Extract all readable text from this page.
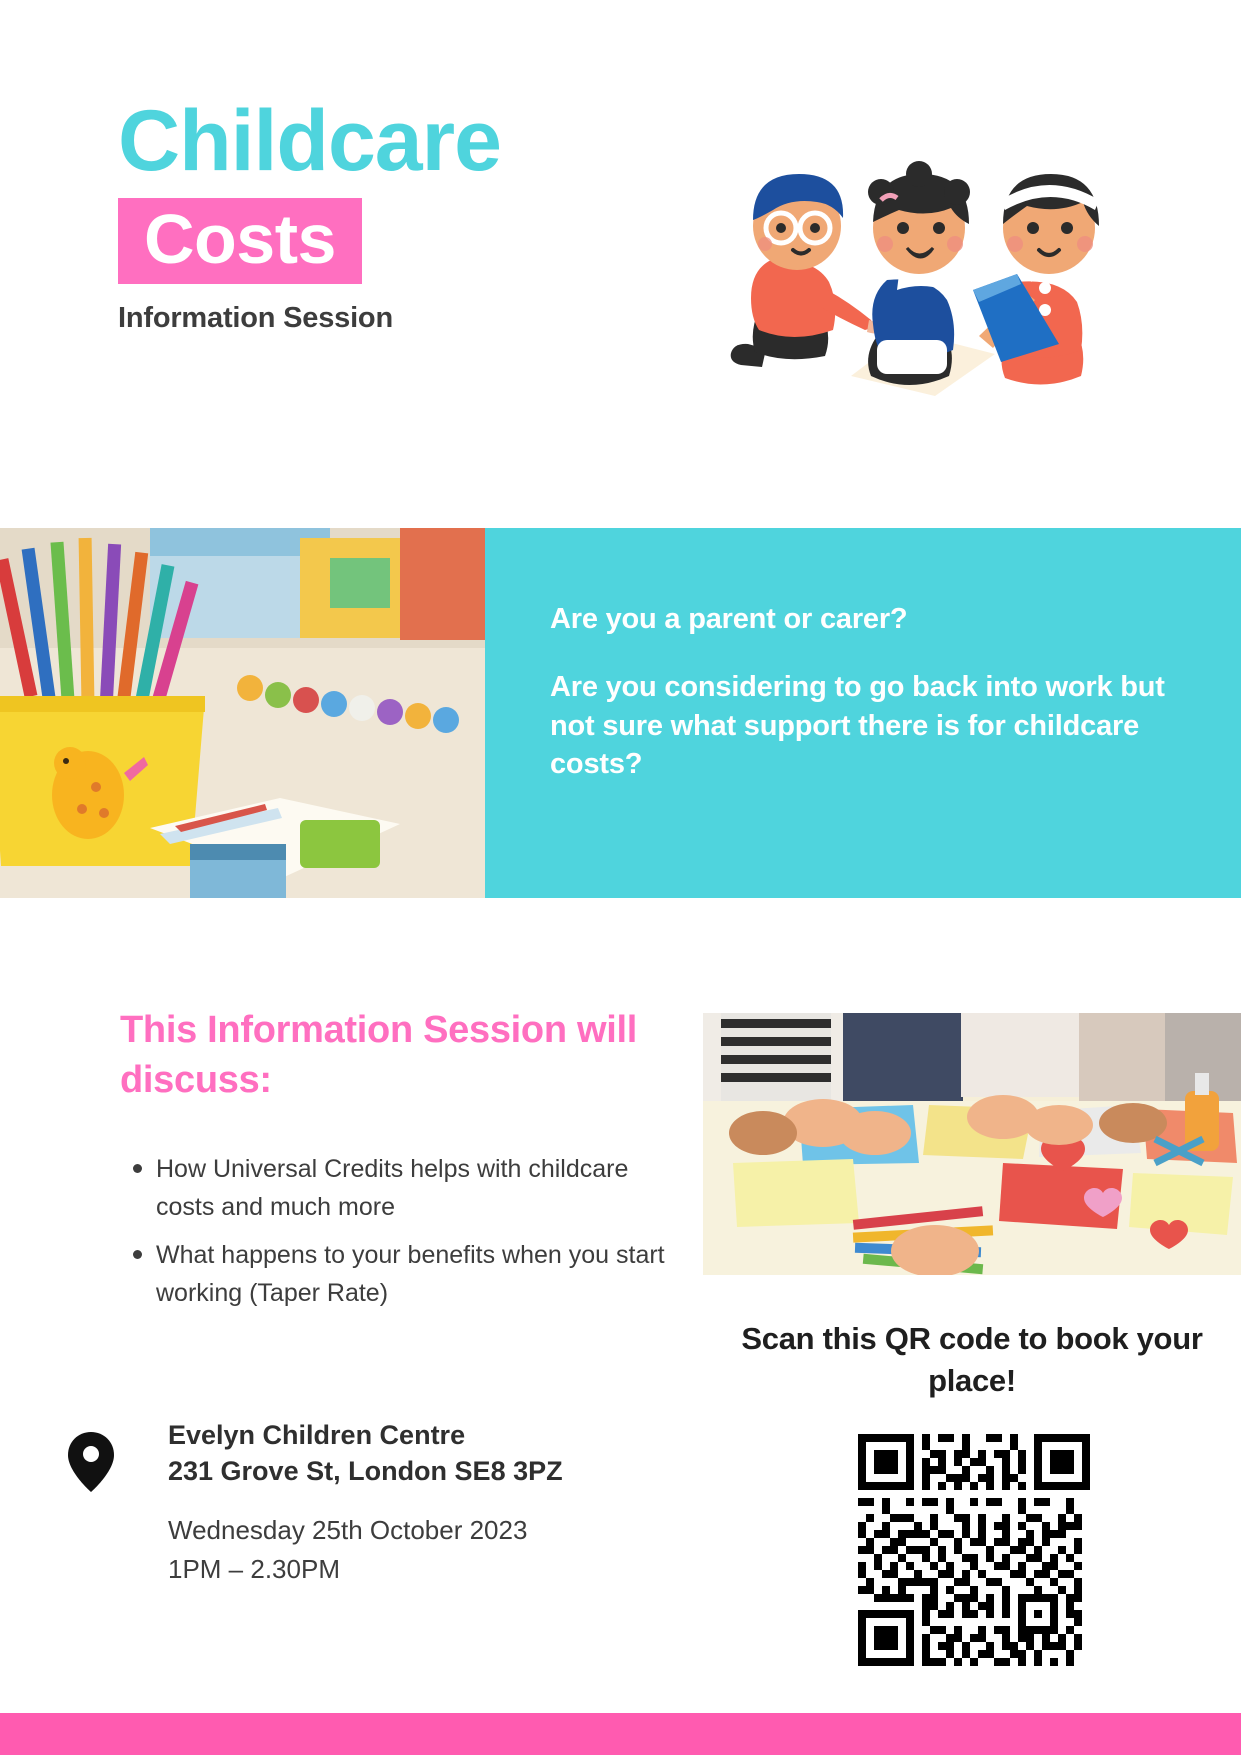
Childcare
Costs
Information Session

Are you a parent or carer?

Are you considering to go back into work but not sure what support there is for childcare costs?

This Information Session will discuss:
How Universal Credits helps with childcare costs and much more
What happens to your benefits when you start working (Taper Rate)
Evelyn Children Centre
231 Grove St, London SE8 3PZ
Wednesday 25th October 2023
1PM – 2.30PM
Scan this QR code to book your place!
